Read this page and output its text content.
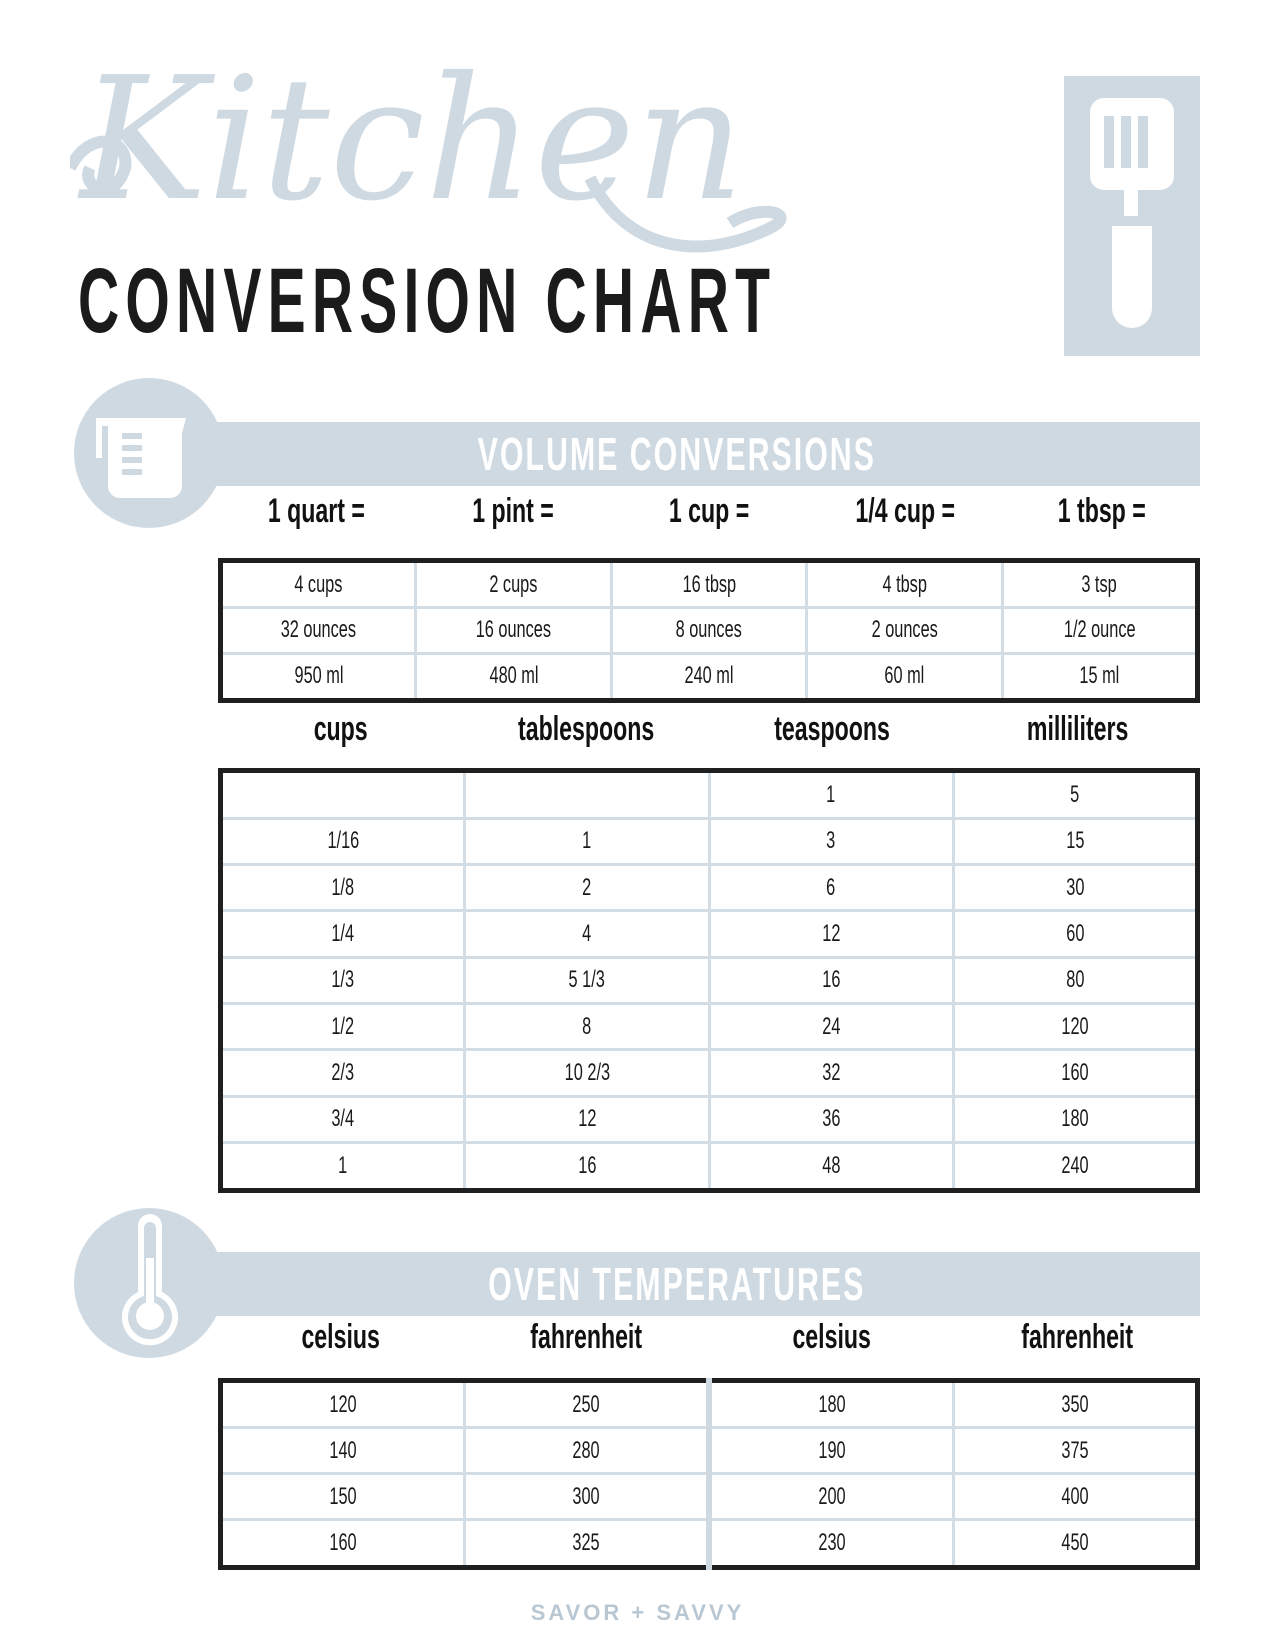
Kitchen
CONVERSION CHART
VOLUME CONVERSIONS
1 quart =	1 pint =	1 cup =	1/4 cup =	1 tbsp =
4 cups	2 cups	16 tbsp	4 tbsp	3 tsp
32 ounces	16 ounces	8 ounces	2 ounces	1/2 ounce
950 ml	480 ml	240 ml	60 ml	15 ml
cups	tablespoons	teaspoons	milliliters
		1	5
1/16	1	3	15
1/8	2	6	30
1/4	4	12	60
1/3	5 1/3	16	80
1/2	8	24	120
2/3	10 2/3	32	160
3/4	12	36	180
1	16	48	240
OVEN TEMPERATURES
celsius	fahrenheit	celsius	fahrenheit
120	250	180	350
140	280	190	375
150	300	200	400
160	325	230	450
SAVOR + SAVVY
